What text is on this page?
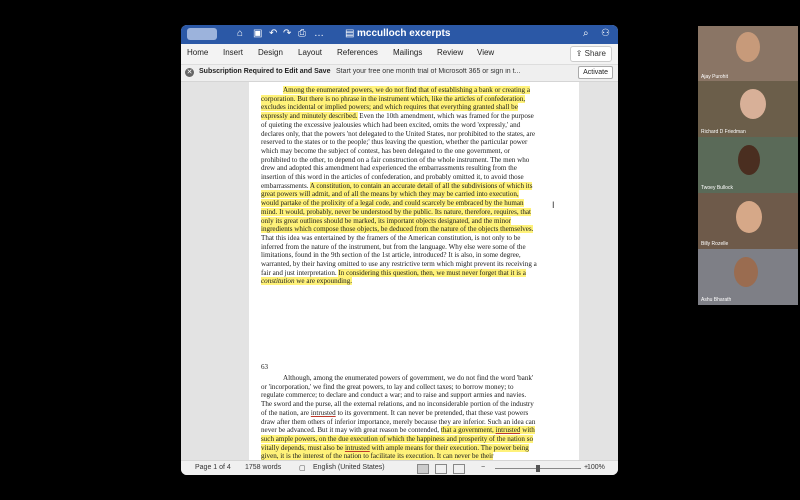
⌂ ▣ ↶ ↷ ⎙ … ▤ mcculloch excerpts	⌕ ⚇
Home Insert Design Layout References Mailings Review View	⇪ Share
✕ Subscription Required to Edit and Save Start your free one month trial of Microsoft 365 or sign in t...	Activate

Among the enumerated powers, we do not find that of establishing a bank or creating a corporation. But there is no phrase in the instrument which, like the articles of confederation, excludes incidental or implied powers; and which requires that everything granted shall be expressly and minutely described. Even the 10th amendment, which was framed for the purpose of quieting the excessive jealousies which had been excited, omits the word 'expressly,' and declares only, that the powers 'not delegated to the United States, nor prohibited to the states, are reserved to the states or to the people;' thus leaving the question, whether the particular power which may become the subject of contest, has been delegated to the one government, or prohibited to the other, to depend on a fair construction of the whole instrument. The men who drew and adopted this amendment had experienced the embarrassments resulting from the insertion of this word in the articles of confederation, and probably omitted it, to avoid those embarrassments. A constitution, to contain an accurate detail of all the subdivisions of which its great powers will admit, and of all the means by which they may be carried into execution, would partake of the prolixity of a legal code, and could scarcely be embraced by the human mind. It would, probably, never be understood by the public. Its nature, therefore, requires, that only its great outlines should be marked, its important objects designated, and the minor ingredients which compose those objects, be deduced from the nature of the objects themselves. That this idea was entertained by the framers of the American constitution, is not only to be inferred from the nature of the instrument, but from the language. Why else were some of the limitations, found in the 9th section of the 1st article, introduced? It is also, in some degree, warranted, by their having omitted to use any restrictive term which might prevent its receiving a fair and just interpretation. In considering this question, then, we must never forget that it is a constitution we are expounding.

63

Although, among the enumerated powers of government, we do not find the word 'bank' or 'incorporation,' we find the great powers, to lay and collect taxes; to borrow money; to regulate commerce; to declare and conduct a war; and to raise and support armies and navies. The sword and the purse, all the external relations, and no inconsiderable portion of the industry of the nation, are intrusted to its government. It can never be pretended, that these vast powers draw after them others of inferior importance, merely because they are inferior. Such an idea can never be advanced. But it may with great reason be contended, that a government, intrusted with such ample powers, on the due execution of which the happiness and prosperity of the nation so vitally depends, must also be intrusted with ample means for their execution. The power being given, it is the interest of the nation to facilitate its execution. It can never be their

I
Page 1 of 4 1758 words	▢ English (United States)	−	+
100%
Ajay Purohit
Richard D Friedman
Twoey Bullock
Billy Rozelle
Ashu Bharath
